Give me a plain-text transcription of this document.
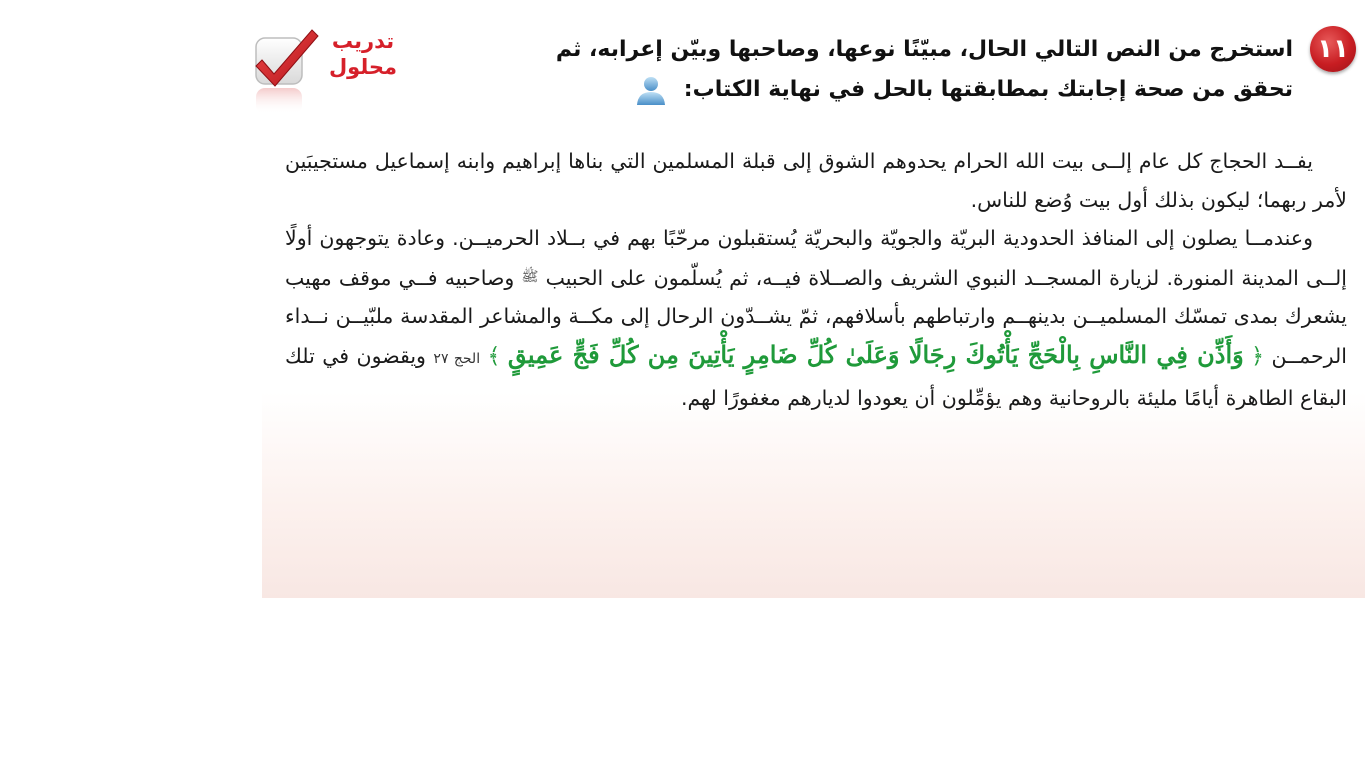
١١
استخرج من النص التالي الحال، مبيّنًا نوعها، وصاحبها وبيّن إعرابه، ثم
تحقق من صحة إجابتك بمطابقتها بالحل في نهاية الكتاب:
تدريب
محلول

يفــد الحجاج كل عام إلــى بيت الله الحرام يحدوهم الشوق إلى قبلة المسلمين التي بناها إبراهيم وابنه إسماعيل مستجيبَين لأمر ربهما؛ ليكون بذلك أول بيت وُضع للناس.

وعندمــا يصلون إلى المنافذ الحدودية البريّة والجويّة والبحريّة يُستقبلون مرحّبًا بهم في بــلاد الحرميــن. وعادة يتوجهون أولًا إلــى المدينة المنورة. لزيارة المسجــد النبوي الشريف والصــلاة فيــه، ثم يُسلّمون على الحبيب ﷺ وصاحبيه فــي موقف مهيب يشعرك بمدى تمسّك المسلميــن بدينهــم وارتباطهم بأسلافهم، ثمّ يشــدّون الرحال إلى مكــة والمشاعر المقدسة ملبّيــن نــداء الرحمــن ﴿ وَأَذِّن فِي النَّاسِ بِالْحَجِّ يَأْتُوكَ رِجَالًا وَعَلَىٰ كُلِّ ضَامِرٍ يَأْتِينَ مِن كُلِّ فَجٍّ عَمِيقٍ ﴾ الحج ٢٧ ويقضون في تلك البقاع الطاهرة أيامًا مليئة بالروحانية وهم يؤمِّلون أن يعودوا لديارهم مغفورًا لهم.
